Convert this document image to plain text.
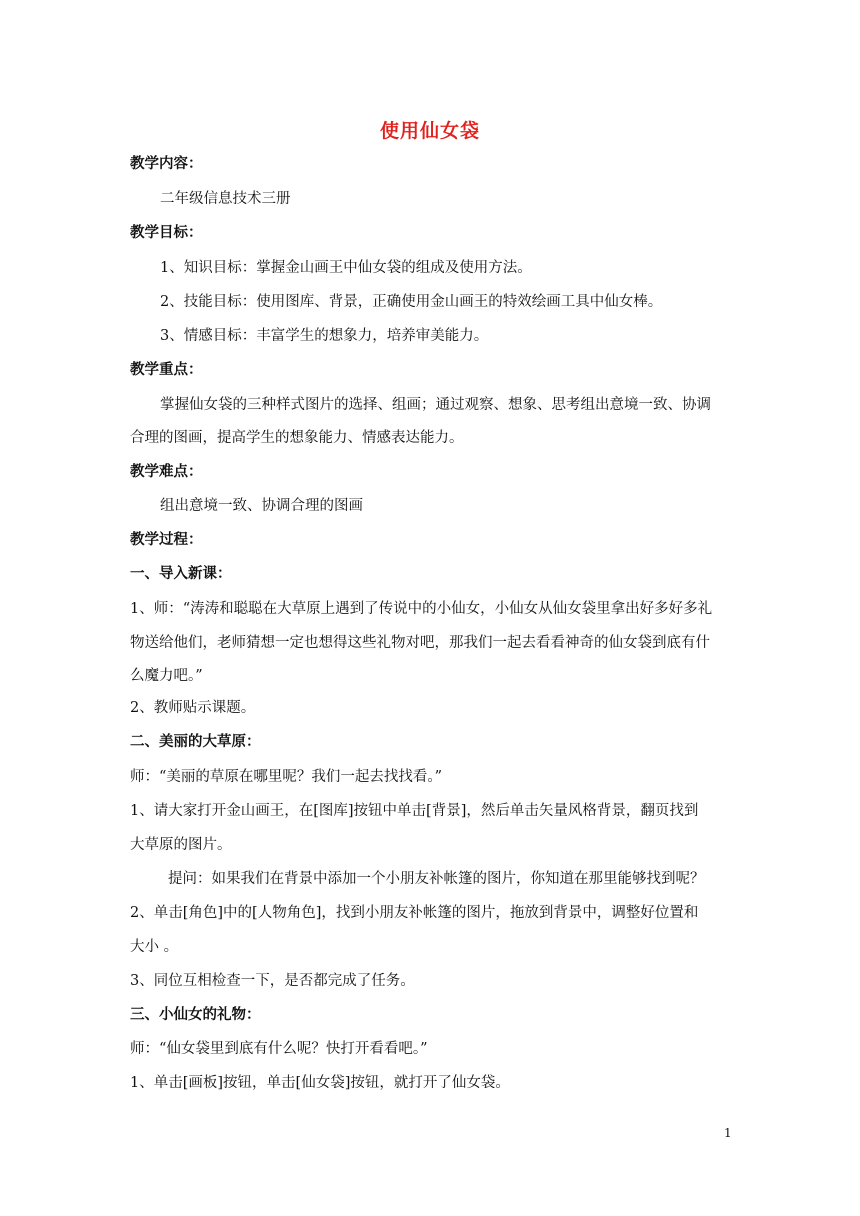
使用仙女袋
教学内容：
二年级信息技术三册
教学目标：
1、知识目标：掌握金山画王中仙女袋的组成及使用方法。
2、技能目标：使用图库、背景，正确使用金山画王的特效绘画工具中仙女棒。
3、情感目标：丰富学生的想象力，培养审美能力。
教学重点：
掌握仙女袋的三种样式图片的选择、组画；通过观察、想象、思考组出意境一致、协调
合理的图画，提高学生的想象能力、情感表达能力。
教学难点：
组出意境一致、协调合理的图画
教学过程：
一、导入新课：
1、师：“涛涛和聪聪在大草原上遇到了传说中的小仙女，小仙女从仙女袋里拿出好多好多礼
物送给他们，老师猜想一定也想得这些礼物对吧，那我们一起去看看神奇的仙女袋到底有什
么魔力吧。”
2、教师贴示课题。
二、美丽的大草原：
师：“美丽的草原在哪里呢？我们一起去找找看。”
1、请大家打开金山画王，在[图库]按钮中单击[背景]，然后单击矢量风格背景，翻页找到
大草原的图片。
提问：如果我们在背景中添加一个小朋友补帐篷的图片，你知道在那里能够找到呢？
2、单击[角色]中的[人物角色]，找到小朋友补帐篷的图片，拖放到背景中，调整好位置和
大小 。
3、同位互相检查一下，是否都完成了任务。
三、小仙女的礼物：
师：“仙女袋里到底有什么呢？快打开看看吧。”
1、单击[画板]按钮，单击[仙女袋]按钮，就打开了仙女袋。
1
